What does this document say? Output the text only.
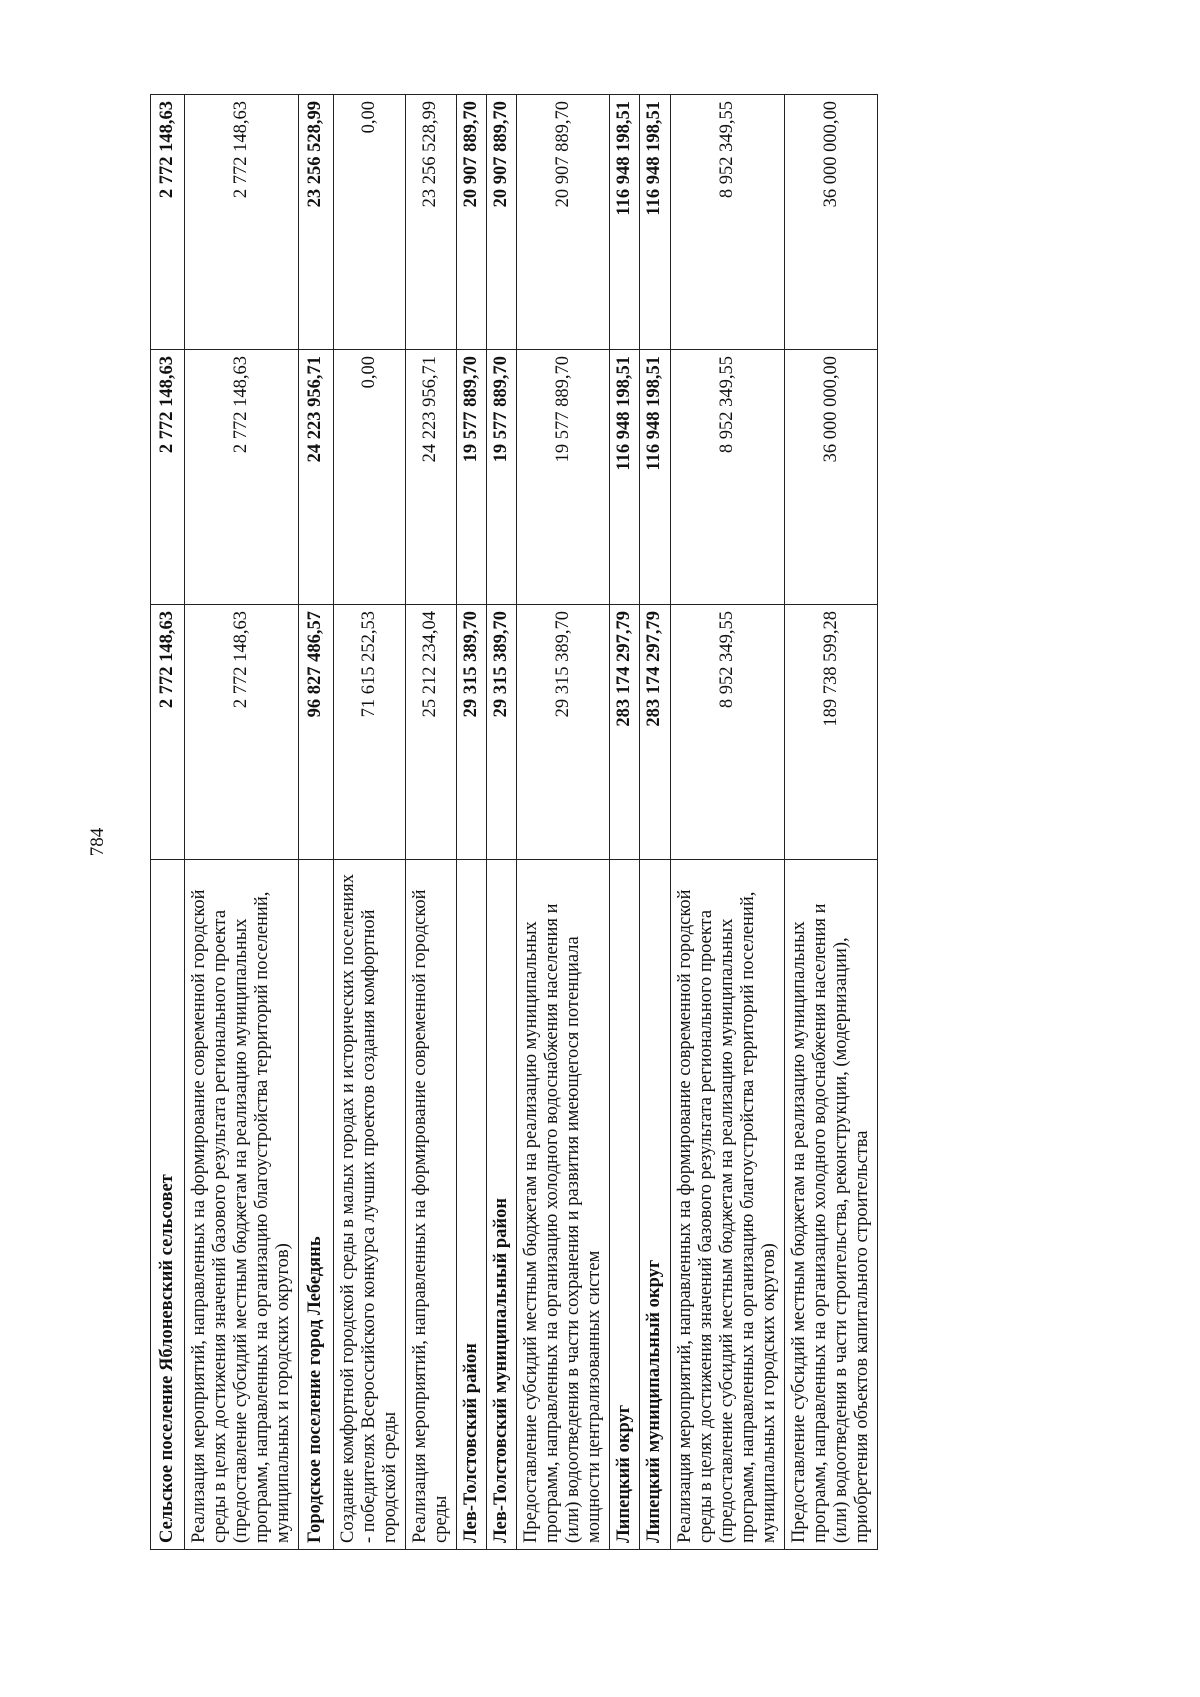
784
Сельское поселение Яблоневский сельсовет	2 772 148,63	2 772 148,63	2 772 148,63
Реализация мероприятий, направленных на формирование современной городской среды в целях достижения значений базового результата регионального проекта (предоставление субсидий местным бюджетам на реализацию муниципальных программ, направленных на организацию благоустройства территорий поселений, муниципальных и городских округов)	2 772 148,63	2 772 148,63	2 772 148,63
Городское поселение город Лебедянь	96 827 486,57	24 223 956,71	23 256 528,99
Создание комфортной городской среды в малых городах и исторических поселениях - победителях Всероссийского конкурса лучших проектов создания комфортной городской среды	71 615 252,53	0,00	0,00
Реализация мероприятий, направленных на формирование современной городской среды	25 212 234,04	24 223 956,71	23 256 528,99
Лев-Толстовский район	29 315 389,70	19 577 889,70	20 907 889,70
Лев-Толстовский муниципальный район	29 315 389,70	19 577 889,70	20 907 889,70
Предоставление субсидий местным бюджетам на реализацию муниципальных программ, направленных на организацию холодного водоснабжения населения и (или) водоотведения в части сохранения и развития имеющегося потенциала мощности централизованных систем	29 315 389,70	19 577 889,70	20 907 889,70
Липецкий округ	283 174 297,79	116 948 198,51	116 948 198,51
Липецкий муниципальный округ	283 174 297,79	116 948 198,51	116 948 198,51
Реализация мероприятий, направленных на формирование современной городской среды в целях достижения значений базового результата регионального проекта (предоставление субсидий местным бюджетам на реализацию муниципальных программ, направленных на организацию благоустройства территорий поселений, муниципальных и городских округов)	8 952 349,55	8 952 349,55	8 952 349,55
Предоставление субсидий местным бюджетам на реализацию муниципальных программ, направленных на организацию холодного водоснабжения населения и (или) водоотведения в части строительства, реконструкции, (модернизации), приобретения объектов капитального строительства	189 738 599,28	36 000 000,00	36 000 000,00
